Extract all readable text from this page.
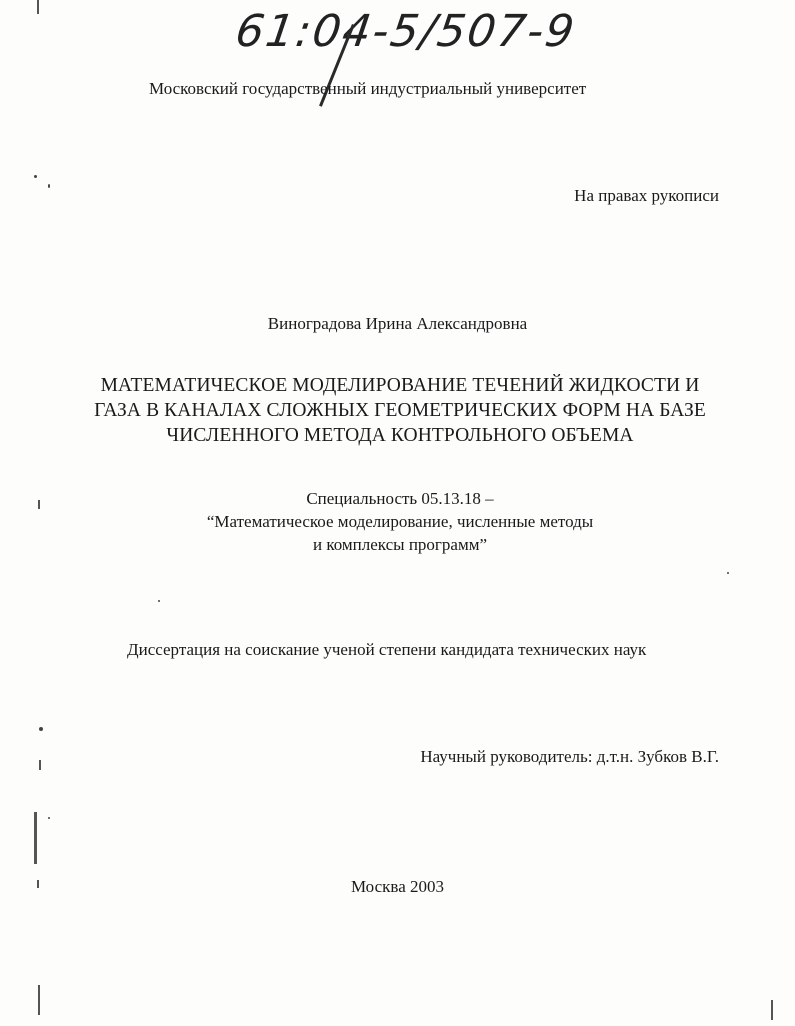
61:04-5/507-9
Московский государственный индустриальный университет
На правах рукописи
Виноградова Ирина Александровна
МАТЕМАТИЧЕСКОЕ МОДЕЛИРОВАНИЕ ТЕЧЕНИЙ ЖИДКОСТИ И
ГАЗА В КАНАЛАХ СЛОЖНЫХ ГЕОМЕТРИЧЕСКИХ ФОРМ НА БАЗЕ
ЧИСЛЕННОГО МЕТОДА КОНТРОЛЬНОГО ОБЪЕМА
Специальность 05.13.18 –
“Математическое моделирование, численные методы
и комплексы программ”
Диссертация на соискание ученой степени кандидата технических наук
Научный руководитель: д.т.н. Зубков В.Г.
Москва 2003
